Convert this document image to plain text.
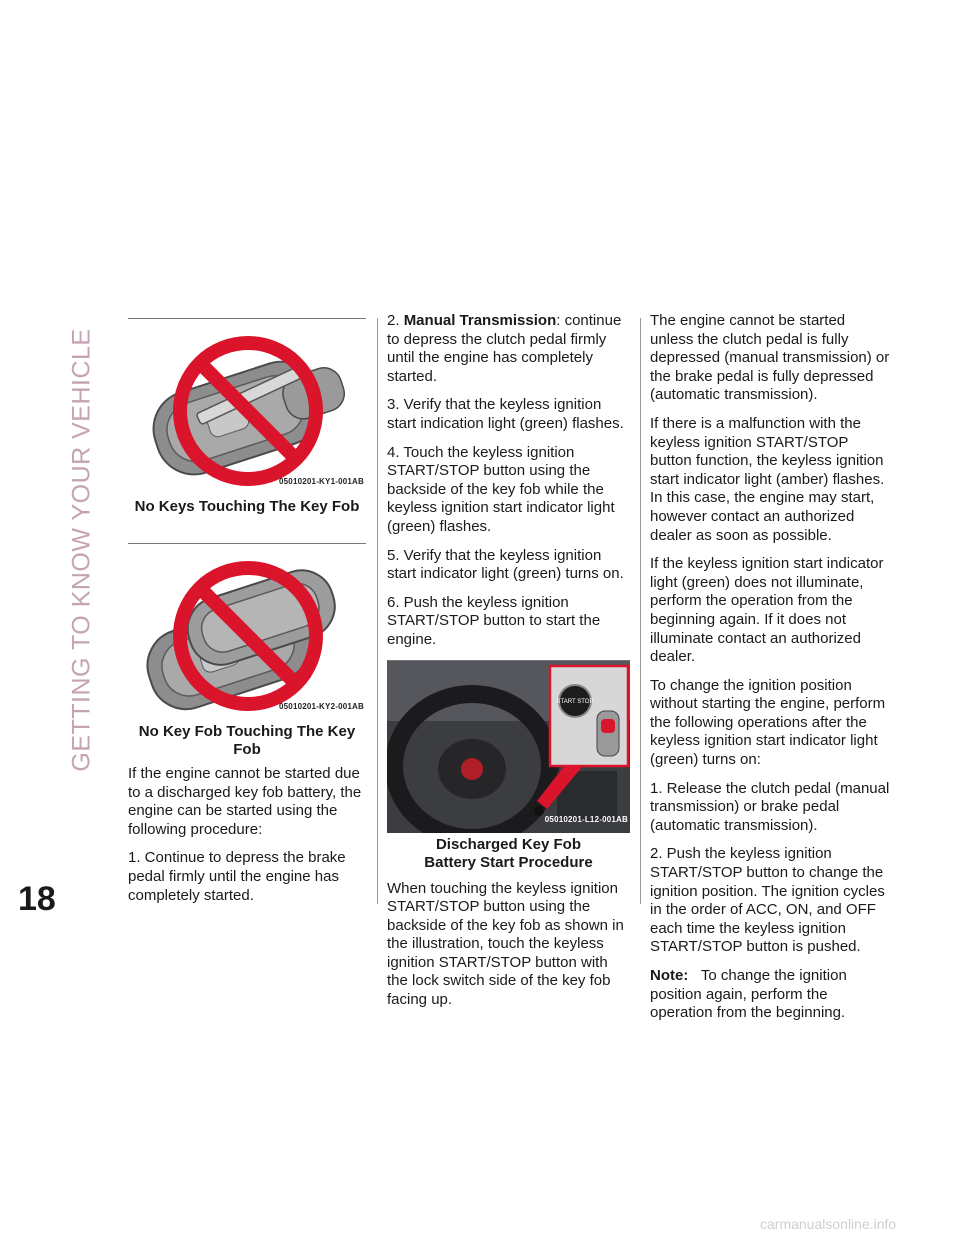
GETTING TO KNOW YOUR VEHICLE
18
05010201-KY1-001AB
No Keys Touching The Key Fob
05010201-KY2-001AB
No Key Fob Touching The Key Fob

If the engine cannot be started due to a discharged key fob battery, the engine can be started using the following procedure:

1. Continue to depress the brake pedal firmly until the engine has completely started.

2. Manual Transmission: continue to depress the clutch pedal firmly until the engine has completely started.

3. Verify that the keyless ignition start indication light (green) flashes.

4. Touch the keyless ignition START/STOP button using the backside of the key fob while the keyless ignition start indicator light (green) flashes.

5. Verify that the keyless ignition start indicator light (green) turns on.

6. Push the keyless ignition START/STOP button to start the engine.

START STOP
05010201-L12-001AB
Discharged Key Fob Battery Start Procedure

When touching the keyless ignition START/STOP button using the backside of the key fob as shown in the illustration, touch the keyless ignition START/STOP button with the lock switch side of the key fob facing up.

The engine cannot be started unless the clutch pedal is fully depressed (manual transmission) or the brake pedal is fully depressed (automatic transmission).

If there is a malfunction with the keyless ignition START/STOP button function, the keyless ignition start indicator light (amber) flashes. In this case, the engine may start, however contact an authorized dealer as soon as possible.

If the keyless ignition start indicator light (green) does not illuminate, perform the operation from the beginning again. If it does not illuminate contact an authorized dealer.

To change the ignition position without starting the engine, perform the following operations after the keyless ignition start indicator light (green) turns on:

1. Release the clutch pedal (manual transmission) or brake pedal (automatic transmission).

2. Push the keyless ignition START/STOP button to change the ignition position. The ignition cycles in the order of ACC, ON, and OFF each time the keyless ignition START/STOP button is pushed.

Note: To change the ignition position again, perform the operation from the beginning.

carmanualsonline.info
